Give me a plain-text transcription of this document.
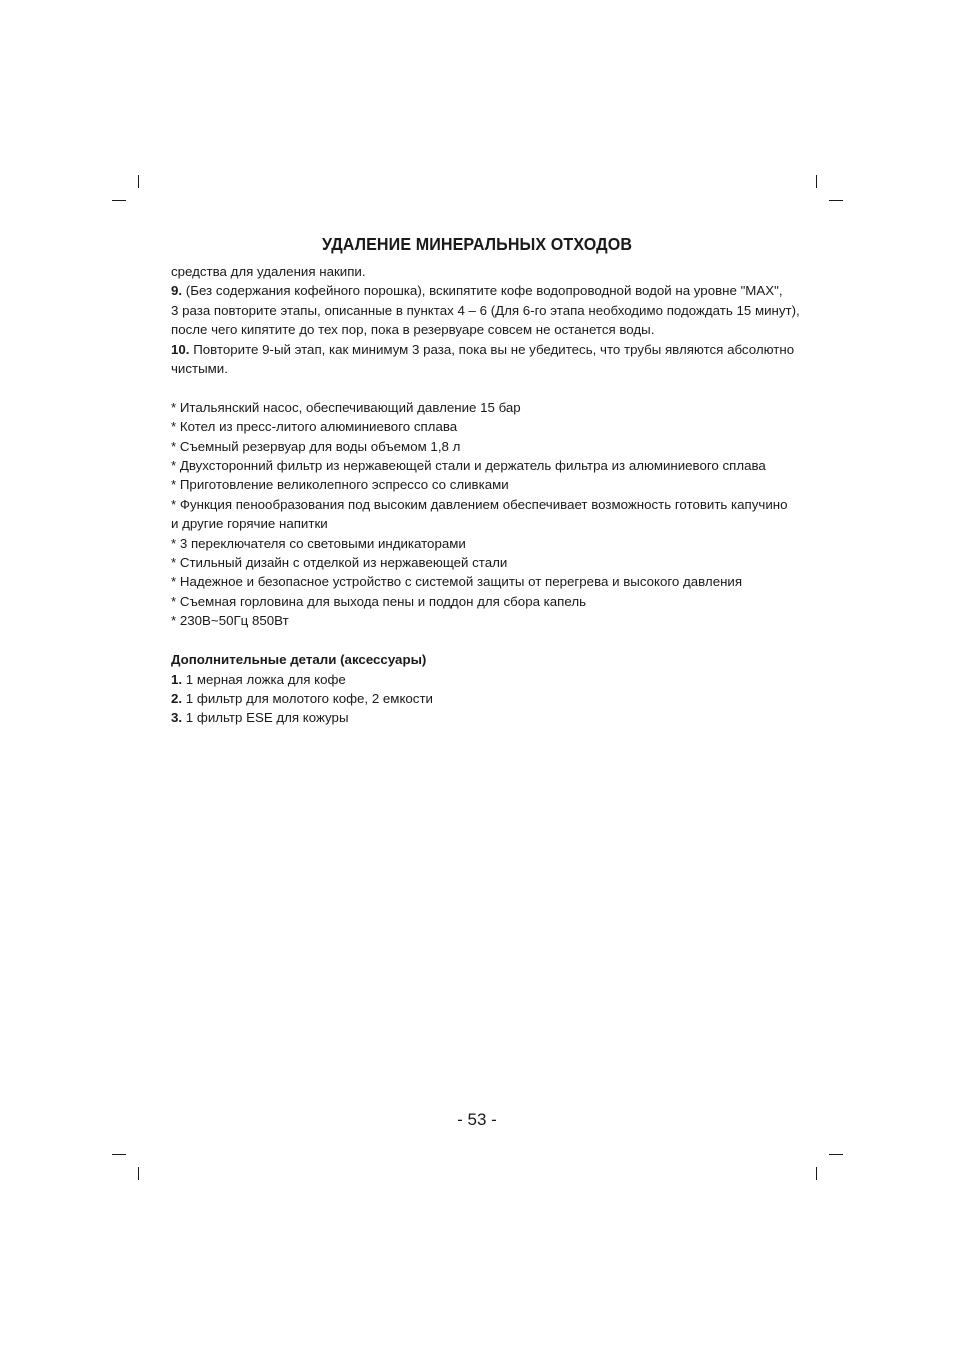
УДАЛЕНИЕ МИНЕРАЛЬНЫХ ОТХОДОВ

средства для удаления накипи.

9. (Без содержания кофейного порошка), вскипятите кофе водопроводной водой на уровне "MAX",

3 раза повторите этапы, описанные в пунктах 4 – 6 (Для 6-го этапа необходимо подождать 15 минут),

после чего кипятите до тех пор, пока в резервуаре совсем не останется воды.

10. Повторите 9-ый этап, как минимум 3 раза, пока вы не убедитесь, что трубы являются абсолютно

чистыми.

* Итальянский насос, обеспечивающий давление 15 бар

* Котел из пресс-литого алюминиевого сплава

* Съемный резервуар для воды объемом 1,8 л

* Двухсторонний фильтр из нержавеющей стали и держатель фильтра из алюминиевого сплава

* Приготовление великолепного эспрессо со сливками

* Функция пенообразования под высоким давлением обеспечивает возможность готовить капучино

и другие горячие напитки

* 3 переключателя со световыми индикаторами

* Стильный дизайн с отделкой из нержавеющей стали

* Надежное и безопасное устройство с системой защиты от перегрева и высокого давления

* Съемная горловина для выхода пены и поддон для сбора капель

* 230В~50Гц 850Вт

Дополнительные детали (аксессуары)

1. 1 мерная ложка для кофе

2. 1 фильтр для молотого кофе, 2 емкости

3. 1 фильтр ESE для кожуры

- 53 -
